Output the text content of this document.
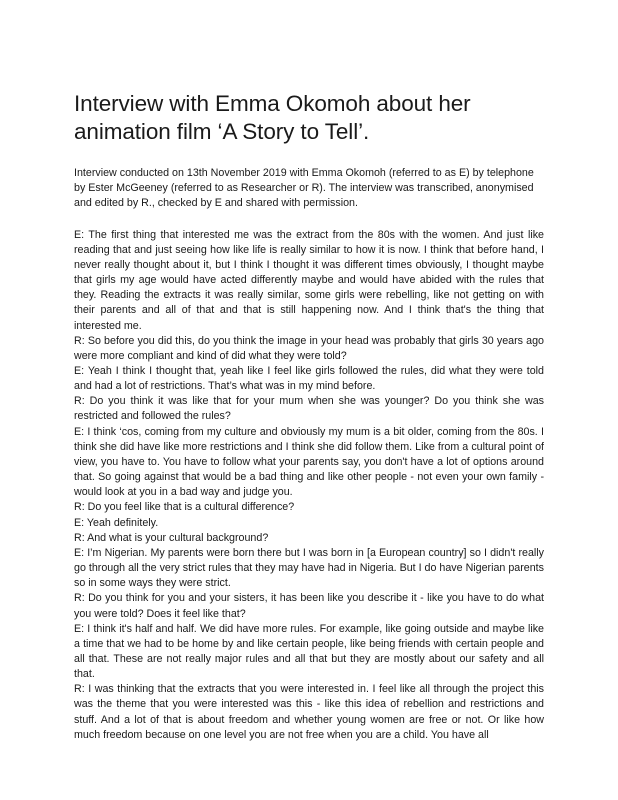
Interview with Emma Okomoh about her animation film ‘A Story to Tell’.

Interview conducted on 13th November 2019 with Emma Okomoh (referred to as E) by telephone by Ester McGeeney (referred to as Researcher or R). The interview was transcribed, anonymised and edited by R., checked by E and shared with permission.

E: The first thing that interested me was the extract from the 80s with the women. And just like reading that and just seeing how like life is really similar to how it is now. I think that before hand, I never really thought about it, but I think I thought it was different times obviously, I thought maybe that girls my age would have acted differently maybe and would have abided with the rules that they. Reading the extracts it was really similar, some girls were rebelling, like not getting on with their parents and all of that and that is still happening now. And I think that's the thing that interested me.

R: So before you did this, do you think the image in your head was probably that girls 30 years ago were more compliant and kind of did what they were told?

E: Yeah I think I thought that, yeah like I feel like girls followed the rules, did what they were told and had a lot of restrictions. That’s what was in my mind before.

R: Do you think it was like that for your mum when she was younger? Do you think she was restricted and followed the rules?

E: I think ‘cos, coming from my culture and obviously my mum is a bit older, coming from the 80s. I think she did have like more restrictions and I think she did follow them. Like from a cultural point of view, you have to. You have to follow what your parents say, you don't have a lot of options around that. So going against that would be a bad thing and like other people - not even your own family - would look at you in a bad way and judge you.

R: Do you feel like that is a cultural difference?

E: Yeah definitely.

R: And what is your cultural background?

E: I’m Nigerian. My parents were born there but I was born in [a European country] so I didn't really go through all the very strict rules that they may have had in Nigeria. But I do have Nigerian parents so in some ways they were strict.

R: Do you think for you and your sisters, it has been like you describe it - like you have to do what you were told? Does it feel like that?

E: I think it's half and half. We did have more rules. For example, like going outside and maybe like a time that we had to be home by and like certain people, like being friends with certain people and all that. These are not really major rules and all that but they are mostly about our safety and all that.

R: I was thinking that the extracts that you were interested in. I feel like all through the project this was the theme that you were interested was this - like this idea of rebellion and restrictions and stuff. And a lot of that is about freedom and whether young women are free or not. Or like how much freedom because on one level you are not free when you are a child. You have all
